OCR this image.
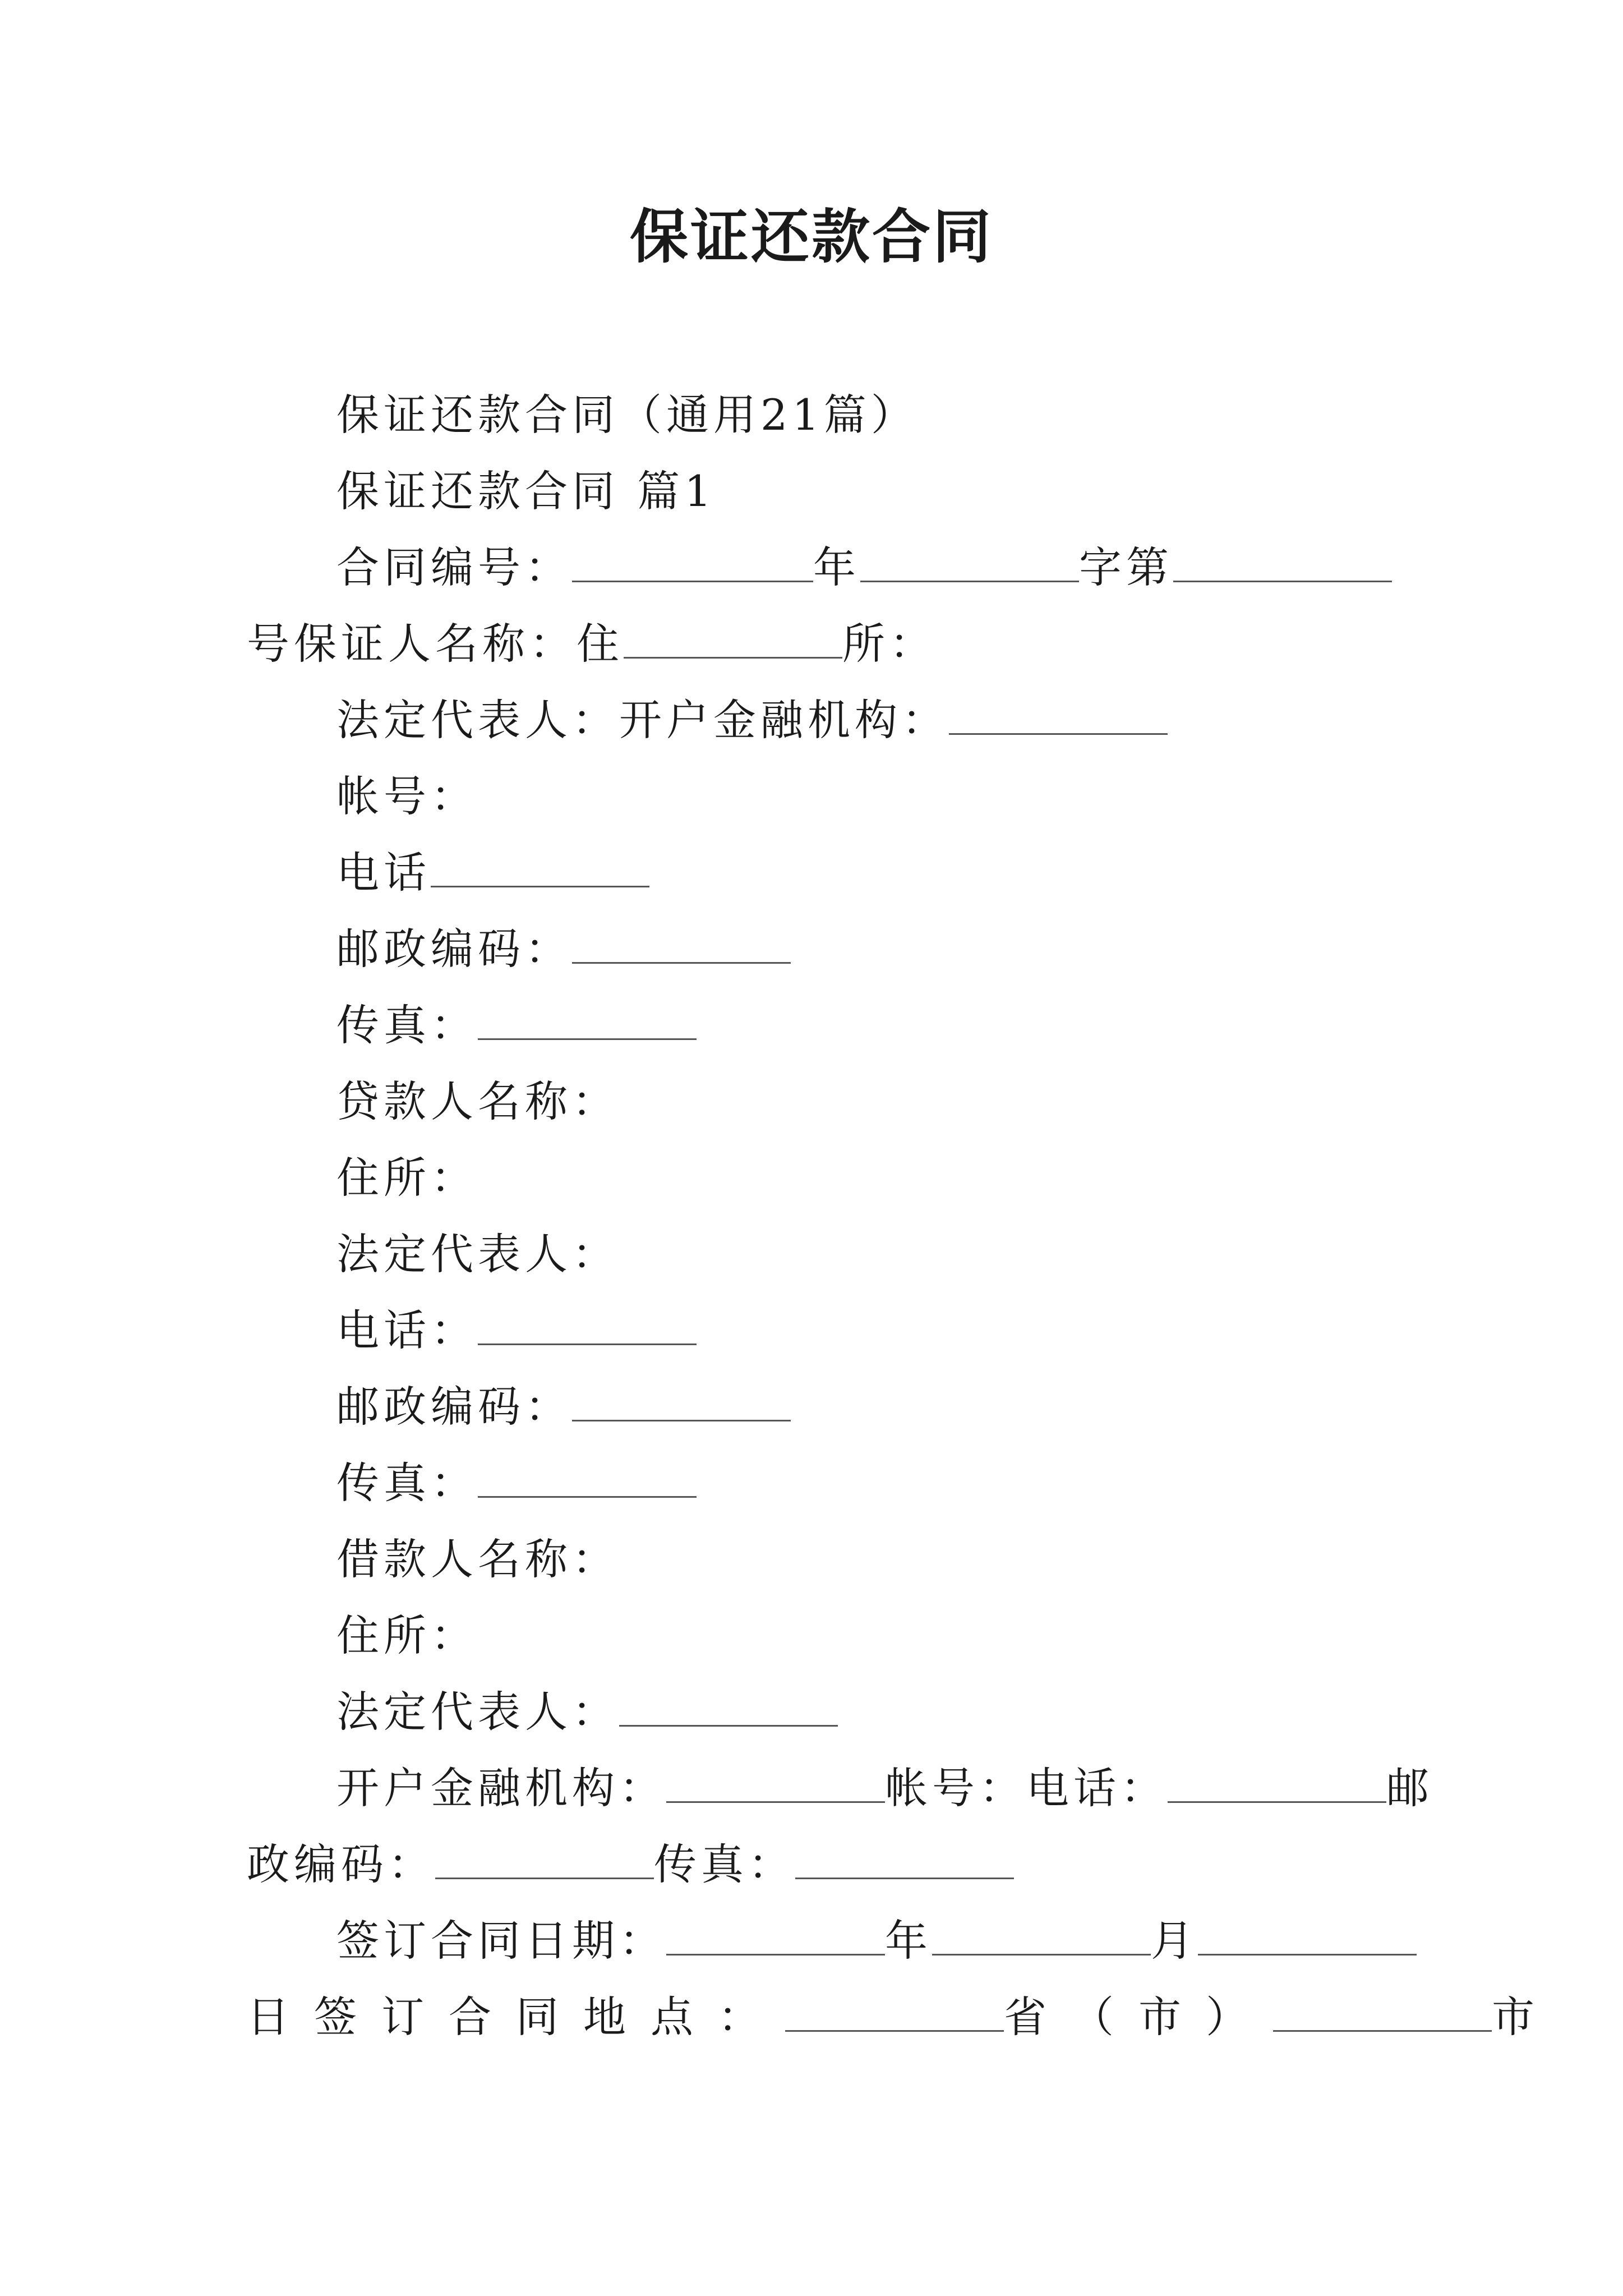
保证还款合同
保证还款合同（通用21篇）
保证还款合同 篇1
合同编号：	年	字第
号保证人名称：住	所：
法定代表人：开户金融机构：
帐号：
电话
邮政编码：
传真：
贷款人名称：
住所：
法定代表人：
电话：
邮政编码：
传真：
借款人名称：
住所：
法定代表人：
开户金融机构：	帐号：电话：	邮
政编码：	传真：
签订合同日期：	年	月
日签订合同地点：	省（市）	市
